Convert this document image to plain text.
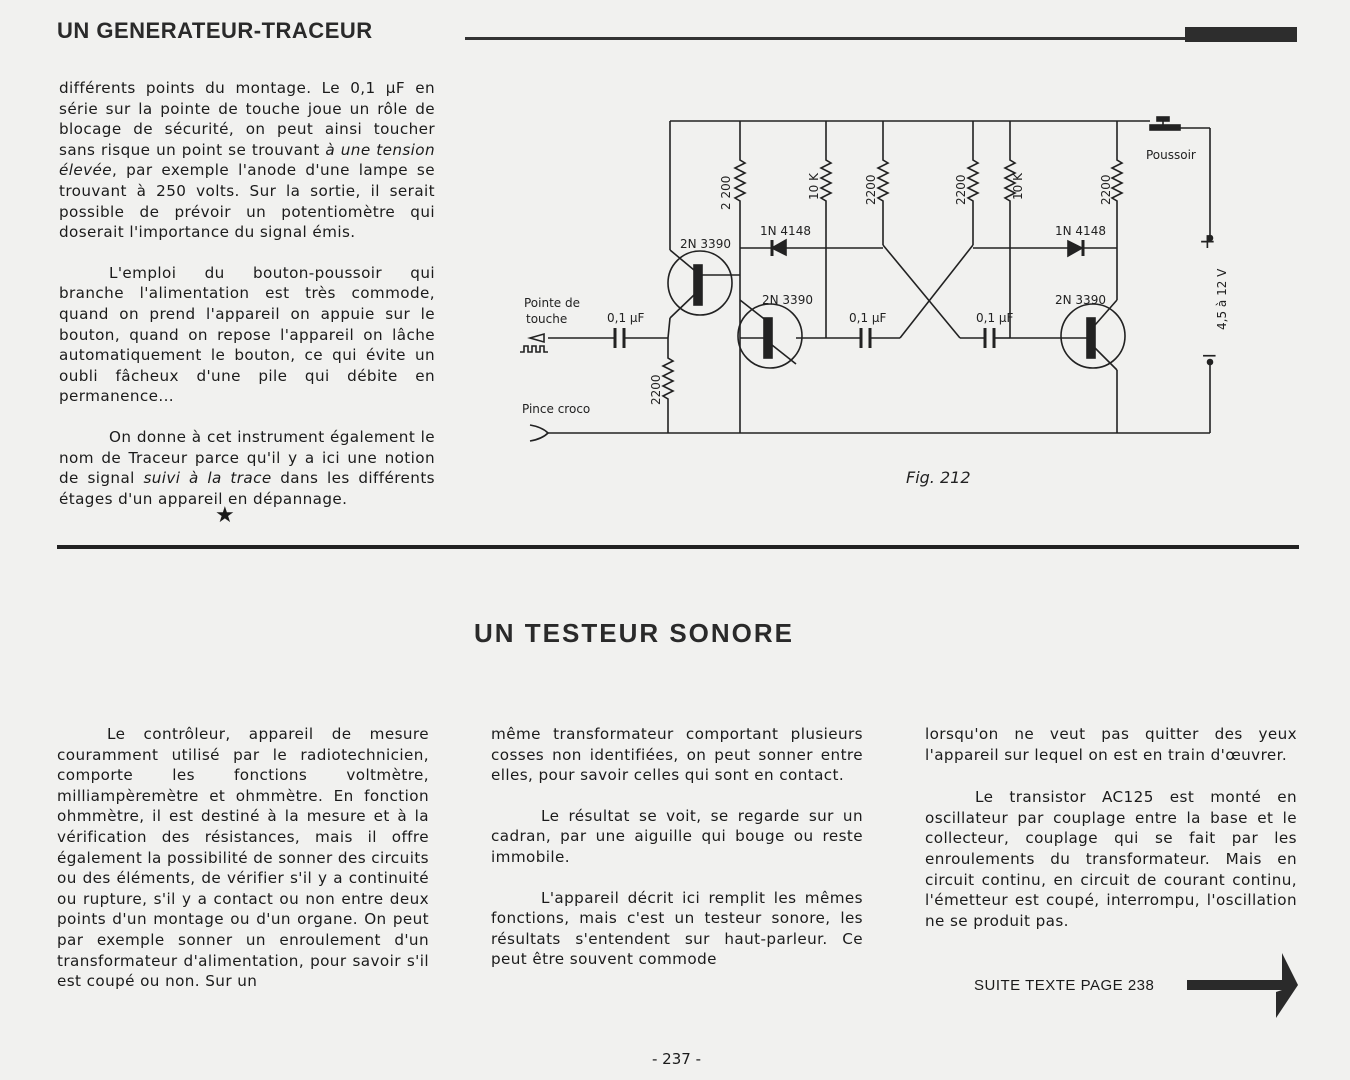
UN GENERATEUR-TRACEUR

différents points du montage. Le 0,1 µF en série sur la pointe de touche joue un rôle de blocage de sécurité, on peut ainsi toucher sans risque un point se trouvant à une tension élevée, par exemple l'anode d'une lampe se trouvant à 250 volts. Sur la sortie, il serait possible de prévoir un potentiomètre qui doserait l'importance du signal émis.

L'emploi du bouton-poussoir qui branche l'alimentation est très commode, quand on prend l'appareil on appuie sur le bouton, quand on repose l'appareil on lâche automatiquement le bouton, ce qui évite un oubli fâcheux d'une pile qui débite en permanence...

On donne à cet instrument également le nom de Traceur parce qu'il y a ici une notion de signal suivi à la trace dans les différents étages d'un appareil en dépannage.

★
2 200	10 K	2200	2200	10 K	2200
2200
1N 4148	1N 4148
2N 3390
2N 3390	2N 3390
0,1 µF	0,1 µF	0,1 µF
Pointe de
touche
Pince croco
Poussoir
4,5 à 12 V
+
−
Fig. 212
UN TESTEUR SONORE

Le contrôleur, appareil de mesure couramment utilisé par le radiotechnicien, comporte les fonctions voltmètre, milliampèremètre et ohmmètre. En fonction ohmmètre, il est destiné à la mesure et à la vérification des résistances, mais il offre également la possibilité de sonner des circuits ou des éléments, de vérifier s'il y a continuité ou rupture, s'il y a contact ou non entre deux points d'un montage ou d'un organe. On peut par exemple sonner un enroulement d'un transformateur d'alimentation, pour savoir s'il est coupé ou non. Sur un

même transformateur comportant plusieurs cosses non identifiées, on peut sonner entre elles, pour savoir celles qui sont en contact.

Le résultat se voit, se regarde sur un cadran, par une aiguille qui bouge ou reste immobile.

L'appareil décrit ici remplit les mêmes fonctions, mais c'est un testeur sonore, les résultats s'entendent sur haut-parleur. Ce peut être souvent commode

lorsqu'on ne veut pas quitter des yeux l'appareil sur lequel on est en train d'œuvrer.

Le transistor AC125 est monté en oscillateur par couplage entre la base et le collecteur, couplage qui se fait par les enroulements du transformateur. Mais en circuit continu, en circuit de courant continu, l'émetteur est coupé, interrompu, l'oscillation ne se produit pas.

SUITE TEXTE PAGE 238
- 237 -
